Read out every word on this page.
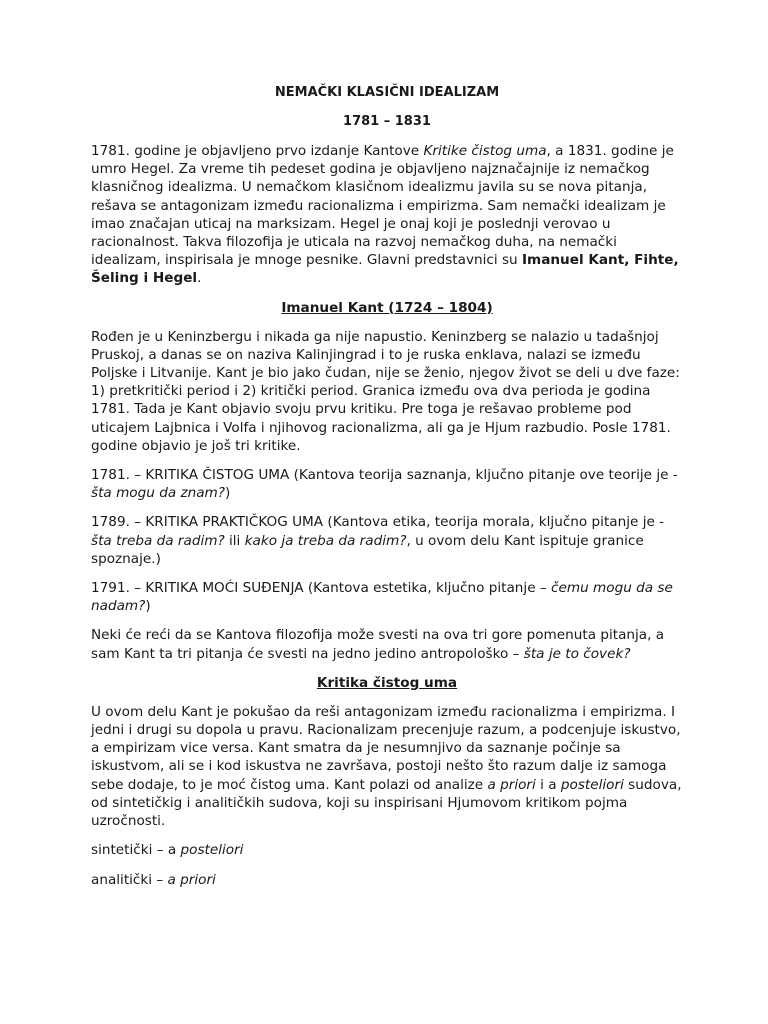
NEMAČKI KLASIČNI IDEALIZAM
1781 – 1831

1781. godine je objavljeno prvo izdanje Kantove Kritike čistog uma, a 1831. godine je umro Hegel. Za vreme tih pedeset godina je objavljeno najznačajnije iz nemačkog klasničnog idealizma. U nemačkom klasičnom idealizmu javila su se nova pitanja, rešava se antagonizam između racionalizma i empirizma. Sam nemački idealizam je imao značajan uticaj na marksizam. Hegel je onaj koji je poslednji verovao u racionalnost. Takva filozofija je uticala na razvoj nemačkog duha, na nemački idealizam, inspirisala je mnoge pesnike. Glavni predstavnici su Imanuel Kant, Fihte, Šeling i Hegel.

Imanuel Kant (1724 – 1804)

Rođen je u Keninzbergu i nikada ga nije napustio. Keninzberg se nalazio u tadašnjoj Pruskoj, a danas se on naziva Kalinjingrad i to je ruska enklava, nalazi se između Poljske i Litvanije. Kant je bio jako čudan, nije se ženio, njegov život se deli u dve faze: 1) pretkritički period i 2) kritički period. Granica između ova dva perioda je godina 1781. Tada je Kant objavio svoju prvu kritiku. Pre toga je rešavao probleme pod uticajem Lajbnica i Volfa i njihovog racionalizma, ali ga je Hjum razbudio. Posle 1781. godine objavio je još tri kritike.

1781. – KRITIKA ČISTOG UMA (Kantova teorija saznanja, ključno pitanje ove teorije je - šta mogu da znam?)

1789. – KRITIKA PRAKTIČKOG UMA (Kantova etika, teorija morala, ključno pitanje je - šta treba da radim? ili kako ja treba da radim?, u ovom delu Kant ispituje granice spoznaje.)

1791. – KRITIKA MOĆI SUĐENJA (Kantova estetika, ključno pitanje – čemu mogu da se nadam?)

Neki će reći da se Kantova filozofija može svesti na ova tri gore pomenuta pitanja, a sam Kant ta tri pitanja će svesti na jedno jedino antropološko – šta je to čovek?

Kritika čistog uma

U ovom delu Kant je pokušao da reši antagonizam između racionalizma i empirizma. I jedni i drugi su dopola u pravu. Racionalizam precenjuje razum, a podcenjuje iskustvo, a empirizam vice versa. Kant smatra da je nesumnjivo da saznanje počinje sa iskustvom, ali se i kod iskustva ne završava, postoji nešto što razum dalje iz samoga sebe dodaje, to je moć čistog uma. Kant polazi od analize a priori i a posteliori sudova, od sintetičkig i analitičkih sudova, koji su inspirisani Hjumovom kritikom pojma uzročnosti.

sintetički – a posteliori

analitički – a priori
